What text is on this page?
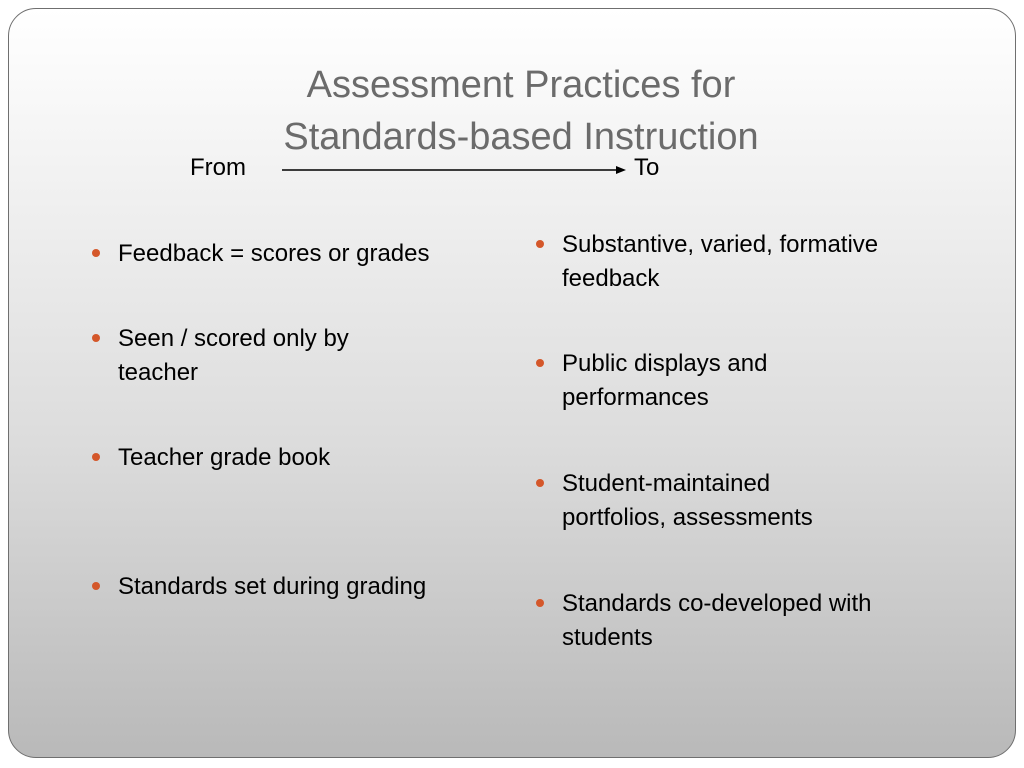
Assessment Practices for
Standards-based Instruction
From	To
Feedback = scores or grades
Seen / scored only by teacher
Teacher grade book
Standards set during grading
Substantive, varied, formative feedback
Public displays and performances
Student-maintained portfolios, assessments
Standards co-developed with students
